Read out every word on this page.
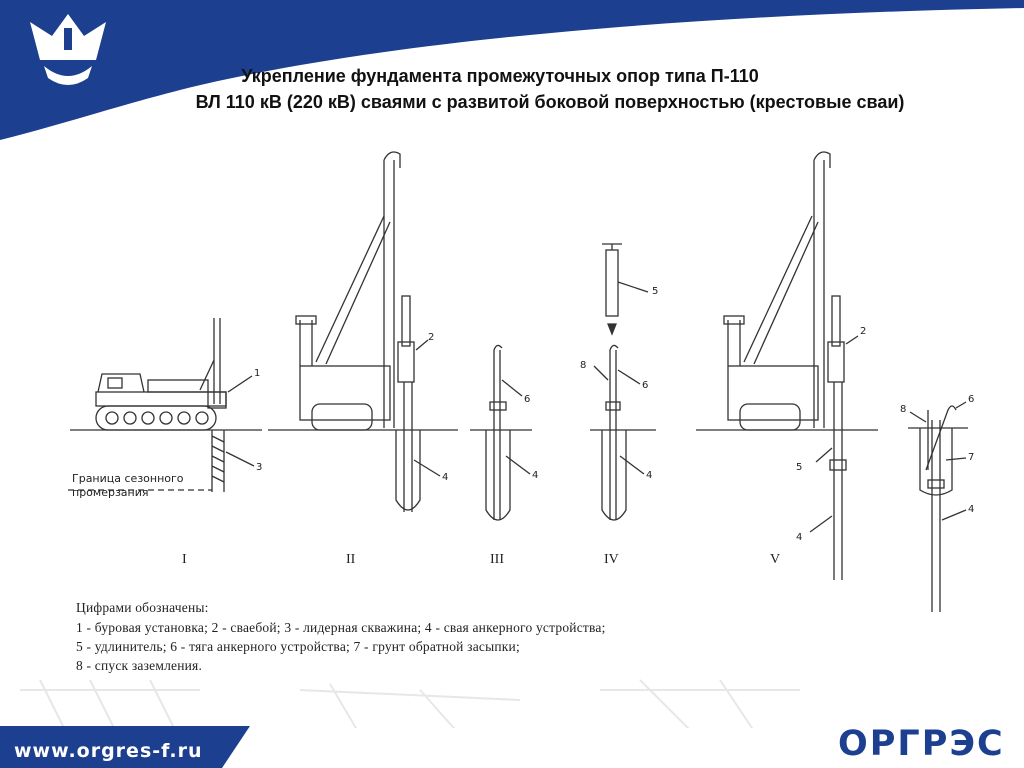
Укрепление фундамента промежуточных опор типа П-110
ВЛ 110 кВ (220 кВ) сваями с развитой боковой поверхностью (крестовые сваи)
Граница сезонного
промерзания
I	II	III	IV	V
1
3
2
4
6
4
5
8
6
4
2
5
4
8
6
7
4
Цифрами обозначены:
1 - буровая установка; 2 - сваебой; 3 - лидерная скважина; 4 - свая анкерного устройства;
5 - удлинитель; 6 - тяга анкерного устройства; 7 - грунт обратной засыпки;
8 - спуск заземления.
www.orgres-f.ru	ОРГРЭС
